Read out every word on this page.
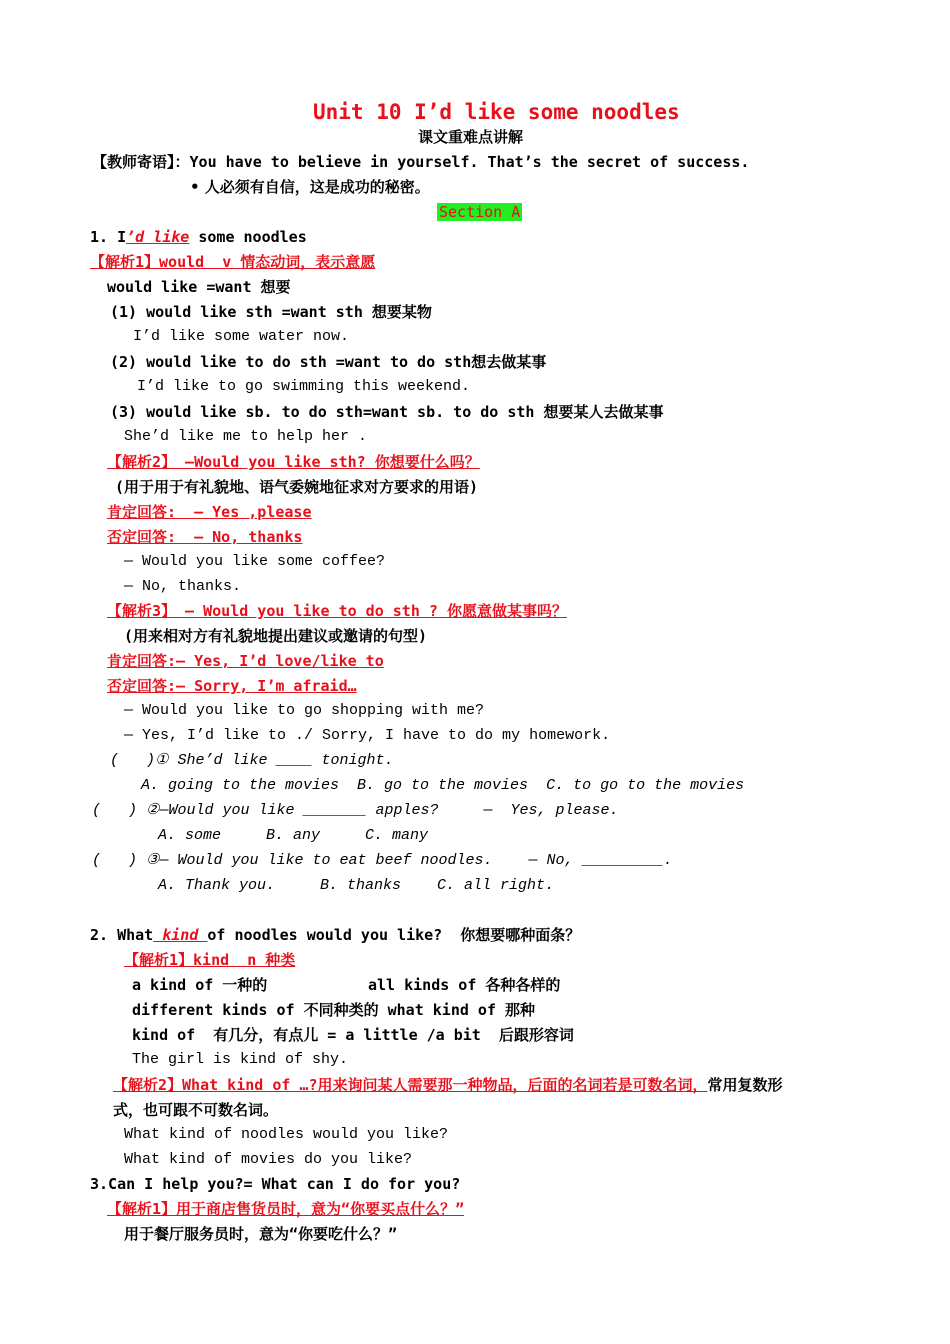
Unit 10 I’d like some noodles
课文重难点讲解
【教师寄语】：You have to believe in yourself. That’s the secret of success.
• 人必须有自信，这是成功的秘密。
Section A
1. I’d like some noodles
【解析1】would  v 情态动词，表示意愿
would like =want 想要
(1) would like sth =want sth 想要某物
I’d like some water now.
(2) would like to do sth =want to do sth想去做某事
I’d like to go swimming this weekend.
(3) would like sb. to do sth=want sb. to do sth 想要某人去做某事
She’d like me to help her .
【解析2】 —Would you like sth? 你想要什么吗？
(用于用于有礼貌地、语气委婉地征求对方要求的用语)
肯定回答:  — Yes ,please
否定回答:  — No, thanks
— Would you like some coffee?
— No, thanks.
【解析3】 — Would you like to do sth ? 你愿意做某事吗？
(用来相对方有礼貌地提出建议或邀请的句型)
肯定回答:— Yes, I’d love/like to
否定回答:— Sorry, I’m afraid…
— Would you like to go shopping with me?
— Yes, I’d like to ./ Sorry, I have to do my homework.
(   )① She’d like ____ tonight.
A. going to the movies  B. go to the movies  C. to go to the movies
(   ) ②—Would you like _______ apples?     —  Yes, please.
A. some     B. any     C. many
(   ) ③— Would you like to eat beef noodles.    — No, _________.
A. Thank you.     B. thanks    C. all right.
2. What kind of noodles would you like?  你想要哪种面条？
【解析1】kind  n 种类
a kind of 一种的	all kinds of 各种各样的
different kinds of 不同种类的 what kind of 那种
kind of  有几分，有点儿 = a little /a bit  后跟形容词
The girl is kind of shy.
【解析2】What kind of …?用来询问某人需要那一种物品，后面的名词若是可数名词，常用复数形
式，也可跟不可数名词。
What kind of noodles would you like?
What kind of movies do you like?
3.Can I help you?= What can I do for you?
【解析1】用于商店售货员时，意为“你要买点什么？”
用于餐厅服务员时，意为“你要吃什么？”
